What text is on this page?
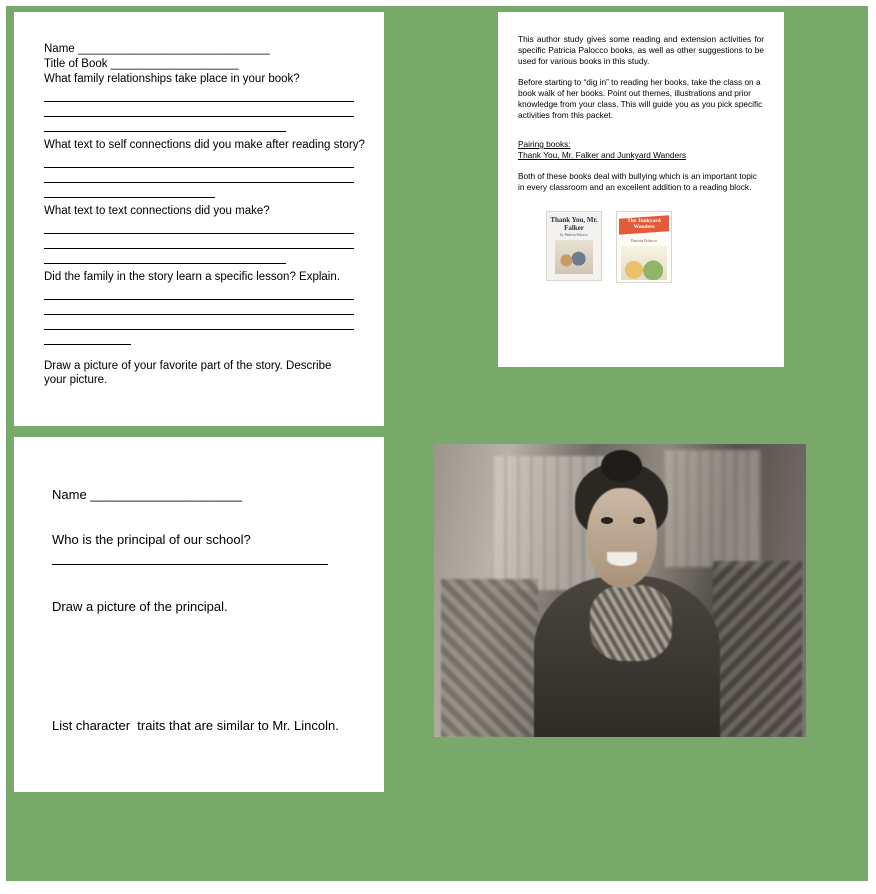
Name ______________________________
Title of Book ____________________
What family relationships take place in your book?
What text to self connections did you make after reading story?
What text to text connections did you make?
Did the family in the story learn a specific lesson? Explain.
Draw a picture of your favorite part of the story. Describe your picture.
Name _____________________
Who is the principal of our school?
Draw a picture of the principal.
List character  traits that are similar to Mr. Lincoln.
This author study gives some reading and extension activities for specific Patricia Palocco books, as well as other suggestions to be used for various books in this study.
Before starting to “dig in” to reading her books, take the class on a book walk of her books. Point out themes, illustrations and prior knowledge from your class. This will guide you as you pick specific activities from this packet.
Pairing books:
Thank You, Mr. Falker and Junkyard Wanders
Both of these books deal with bullying which is an important topic in every classroom and an excellent addition to a reading block.
Thank You, Mr. Falker
by Patricia Polacco
The Junkyard Wonders
Patricia Polacco
